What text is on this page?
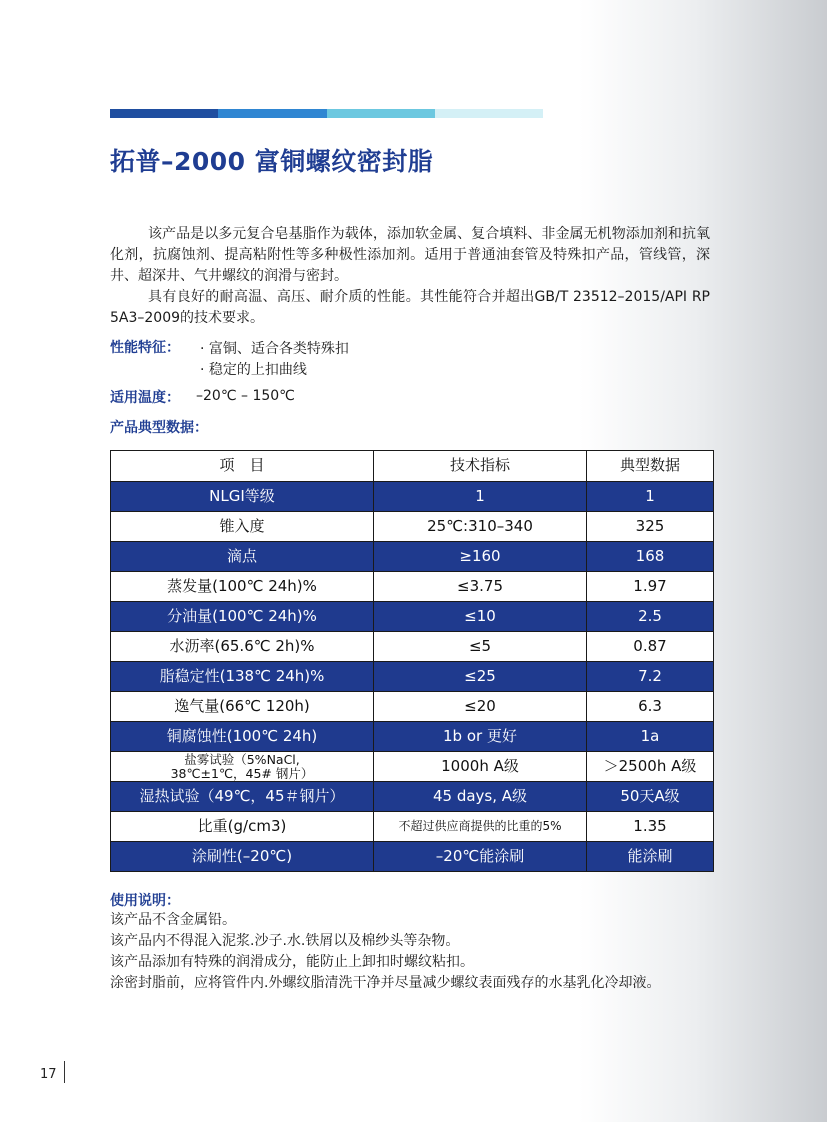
拓普–2000 富铜螺纹密封脂

该产品是以多元复合皂基脂作为载体，添加软金属、复合填料、非金属无机物添加剂和抗氧化剂，抗腐蚀剂、提高粘附性等多种极性添加剂。适用于普通油套管及特殊扣产品，管线管，深井、超深井、气井螺纹的润滑与密封。

具有良好的耐高温、高压、耐介质的性能。其性能符合并超出GB/T 23512–2015/API RP 5A3–2009的技术要求。

性能特征： · 富铜、适合各类特殊扣
· 稳定的上扣曲线
适用温度： –20℃ – 150℃
产品典型数据：
项　目	技术指标	典型数据
NLGI等级	1	1
锥入度	25℃:310–340	325
滴点	≥160	168
蒸发量(100℃ 24h)%	≤3.75	1.97
分油量(100℃ 24h)%	≤10	2.5
水沥率(65.6℃ 2h)%	≤5	0.87
脂稳定性(138℃ 24h)%	≤25	7.2
逸气量(66℃ 120h)	≤20	6.3
铜腐蚀性(100℃ 24h)	1b or 更好	1a

盐雾试验（5%NaCl,
38℃±1℃，45# 钢片）	1000h A级	＞2500h A级
湿热试验（49℃，45＃钢片）	45 days, A级	50天A级
比重(g/cm3)	不超过供应商提供的比重的5%	1.35
涂刷性(–20℃)	–20℃能涂刷	能涂刷
使用说明：
该产品不含金属铅。
该产品内不得混入泥浆.沙子.水.铁屑以及棉纱头等杂物。
该产品添加有特殊的润滑成分，能防止上卸扣时螺纹粘扣。
涂密封脂前，应将管件内.外螺纹脂清洗干净并尽量减少螺纹表面残存的水基乳化冷却液。
17
